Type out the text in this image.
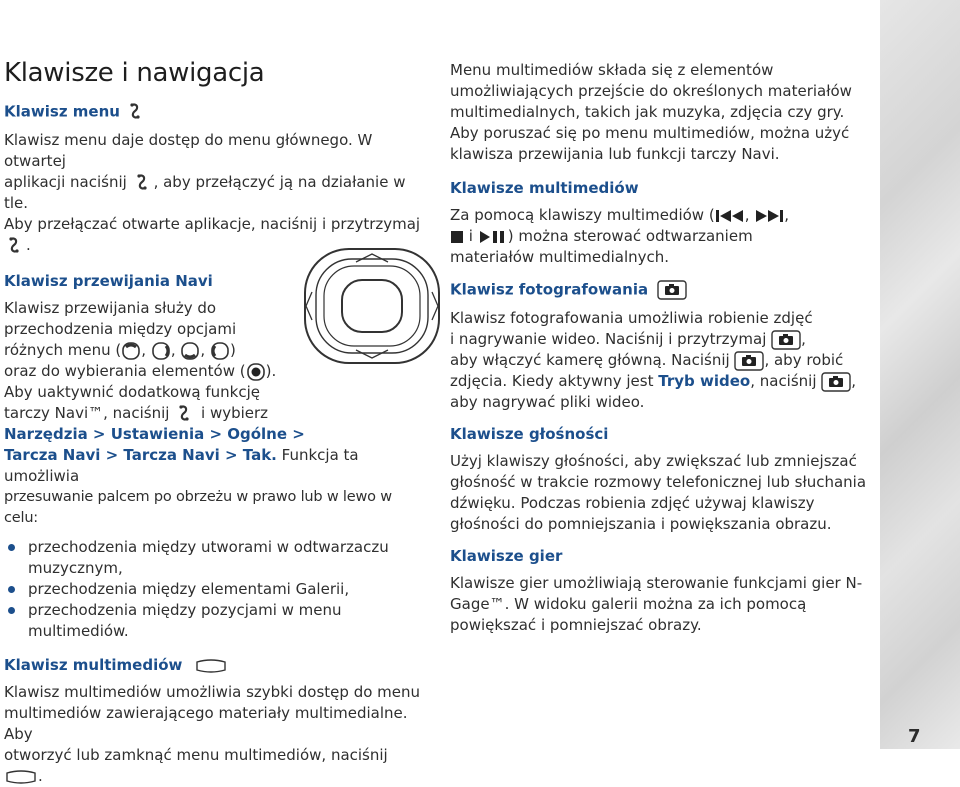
7
Klawisze i nawigacja
Klawisz menu

Klawisz menu daje dostęp do menu głównego. W otwartej

aplikacji naciśnij , aby przełączyć ją na działanie w tle.

Aby przełączać otwarte aplikacje, naciśnij i przytrzymaj .

Klawisz przewijania Navi

Klawisz przewijania służy do

przechodzenia między opcjami

różnych menu ( , , , )

oraz do wybierania elementów ( ).

Aby uaktywnić dodatkową funkcję

tarczy Navi™, naciśnij i wybierz

Narzędzia > Ustawienia > Ogólne >

Tarcza Navi > Tarcza Navi > Tak. Funkcja ta umożliwia

przesuwanie palcem po obrzeżu w prawo lub w lewo w celu:

przechodzenia między utworami w odtwarzaczu muzycznym,
przechodzenia między elementami Galerii,
przechodzenia między pozycjami w menu multimediów.
Klawisz multimediów

Klawisz multimediów umożliwia szybki dostęp do menu

multimediów zawierającego materiały multimedialne. Aby

otworzyć lub zamknąć menu multimediów, naciśnij .

Menu multimediów składa się z elementów umożliwiających przejście do określonych materiałów multimedialnych, takich jak muzyka, zdjęcia czy gry. Aby poruszać się po menu multimediów, można użyć klawisza przewijania lub funkcji tarczy Navi.

Klawisze multimediów

Za pomocą klawiszy multimediów ( , ,

i ) można sterować odtwarzaniem

materiałów multimedialnych.

Klawisz fotografowania

Klawisz fotografowania umożliwia robienie zdjęć

i nagrywanie wideo. Naciśnij i przytrzymaj ,

aby włączyć kamerę główną. Naciśnij , aby robić

zdjęcia. Kiedy aktywny jest Tryb wideo, naciśnij ,

aby nagrywać pliki wideo.

Klawisze głośności

Użyj klawiszy głośności, aby zwiększać lub zmniejszać głośność w trakcie rozmowy telefonicznej lub słuchania dźwięku. Podczas robienia zdjęć używaj klawiszy głośności do pomniejszania i powiększania obrazu.

Klawisze gier

Klawisze gier umożliwiają sterowanie funkcjami gier N-Gage™. W widoku galerii można za ich pomocą powiększać i pomniejszać obrazy.
